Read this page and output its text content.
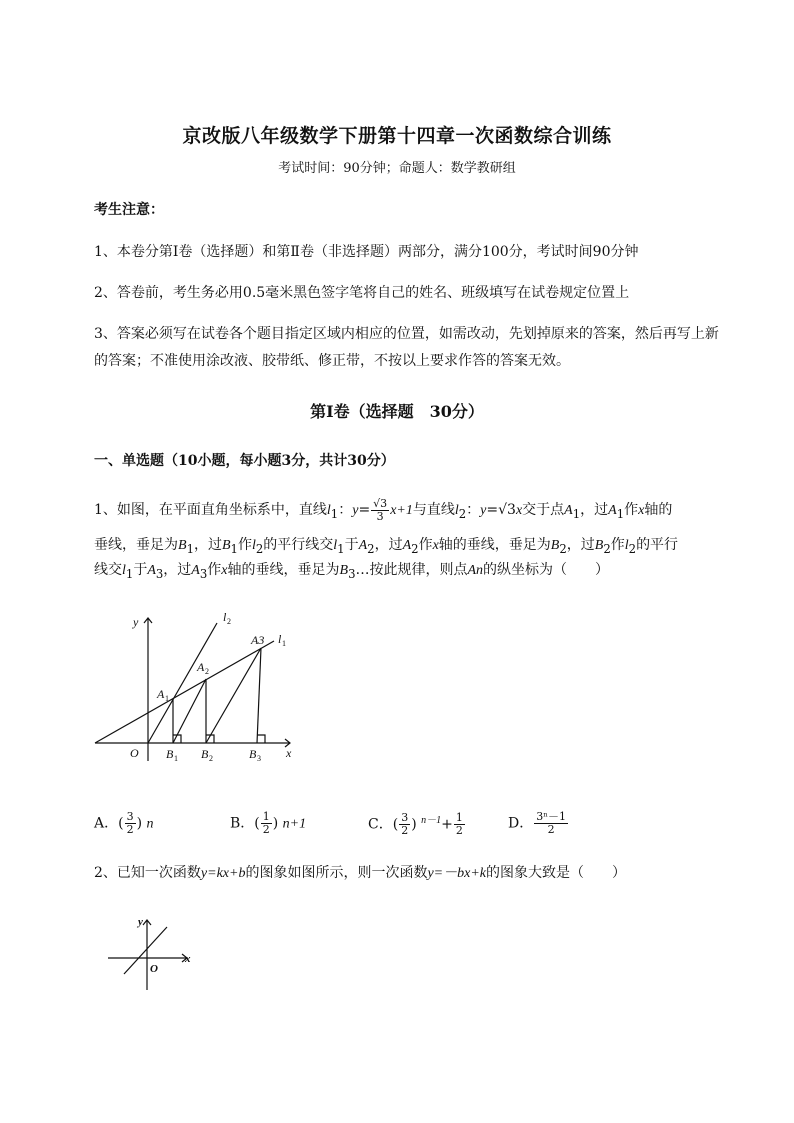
京改版八年级数学下册第十四章一次函数综合训练
考试时间：90分钟；命题人：数学教研组
考生注意：
1、本卷分第I卷（选择题）和第Ⅱ卷（非选择题）两部分，满分100分，考试时间90分钟
2、答卷前，考生务必用0.5毫米黑色签字笔将自己的姓名、班级填写在试卷规定位置上
3、答案必须写在试卷各个题目指定区域内相应的位置，如需改动，先划掉原来的答案，然后再写上新
的答案；不准使用涂改液、胶带纸、修正带，不按以上要求作答的答案无效。
第I卷（选择题　30分）
一、单选题（10小题，每小题3分，共计30分）
1、如图，在平面直角坐标系中，直线$l_1$：$y= \frac{√3}{3} x+1$与直线$l_2$：y=√3x交于点$A_1$，过$A_1$作x轴的
垂线，垂足为$B_1$，过$B_1$作$l_2$的平行线交$l_1$于$A_2$，过$A_2$作x轴的垂线，垂足为$B_2$，过$B_2$作$l_2$的平行
线交$l_1$于$A_3$，过$A_3$作x轴的垂线，垂足为$B_3\dots$按此规律，则点An的纵坐标为（　　）
y
x
O
l 2
l 1
A 1
A 2
A3
B 1 B 2	B 3
A．( $\frac{3}{2}$ ) n	B．( $\frac{1}{2}$ ) n+1	C．( $\frac{3}{2}$ ) $^{n-1}+ \frac{1}{2}$	D． $\frac{\text{3ⁿ－1}}{2}$
2、已知一次函数y=kx+b的图象如图所示，则一次函数y=－bx+k的图象大致是（　　）
y
x
O
